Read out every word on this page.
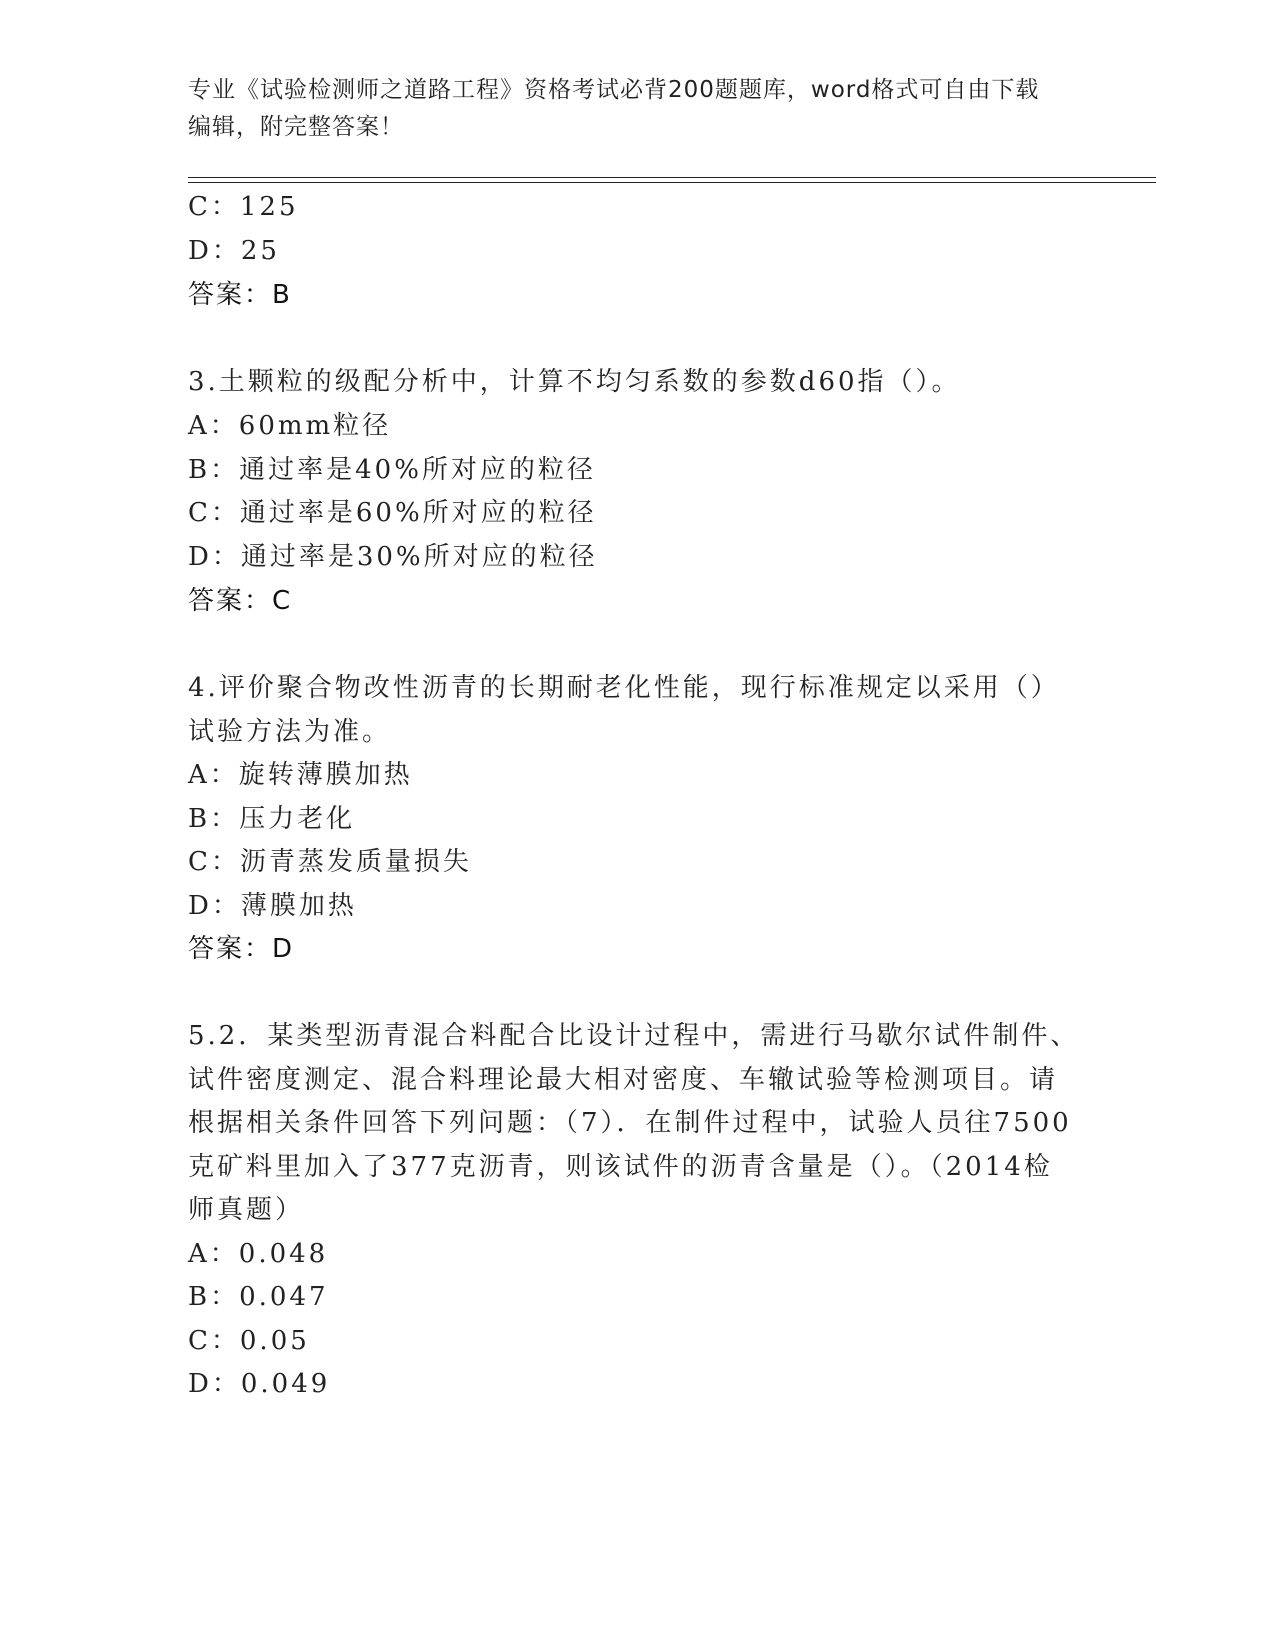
专业《试验检测师之道路工程》资格考试必背200题题库，word格式可自由下载
编辑，附完整答案！
C：125
D：25
答案：B
3.土颗粒的级配分析中，计算不均匀系数的参数d60指（）。
A：60mm粒径
B：通过率是40%所对应的粒径
C：通过率是60%所对应的粒径
D：通过率是30%所对应的粒径
答案：C
4.评价聚合物改性沥青的长期耐老化性能，现行标准规定以采用（）
试验方法为准。
A：旋转薄膜加热
B：压力老化
C：沥青蒸发质量损失
D：薄膜加热
答案：D
5.2．某类型沥青混合料配合比设计过程中，需进行马歇尔试件制件、
试件密度测定、混合料理论最大相对密度、车辙试验等检测项目。请
根据相关条件回答下列问题：（7）．在制件过程中，试验人员往7500
克矿料里加入了377克沥青，则该试件的沥青含量是（）。（2014检
师真题）
A：0.048
B：0.047
C：0.05
D：0.049
